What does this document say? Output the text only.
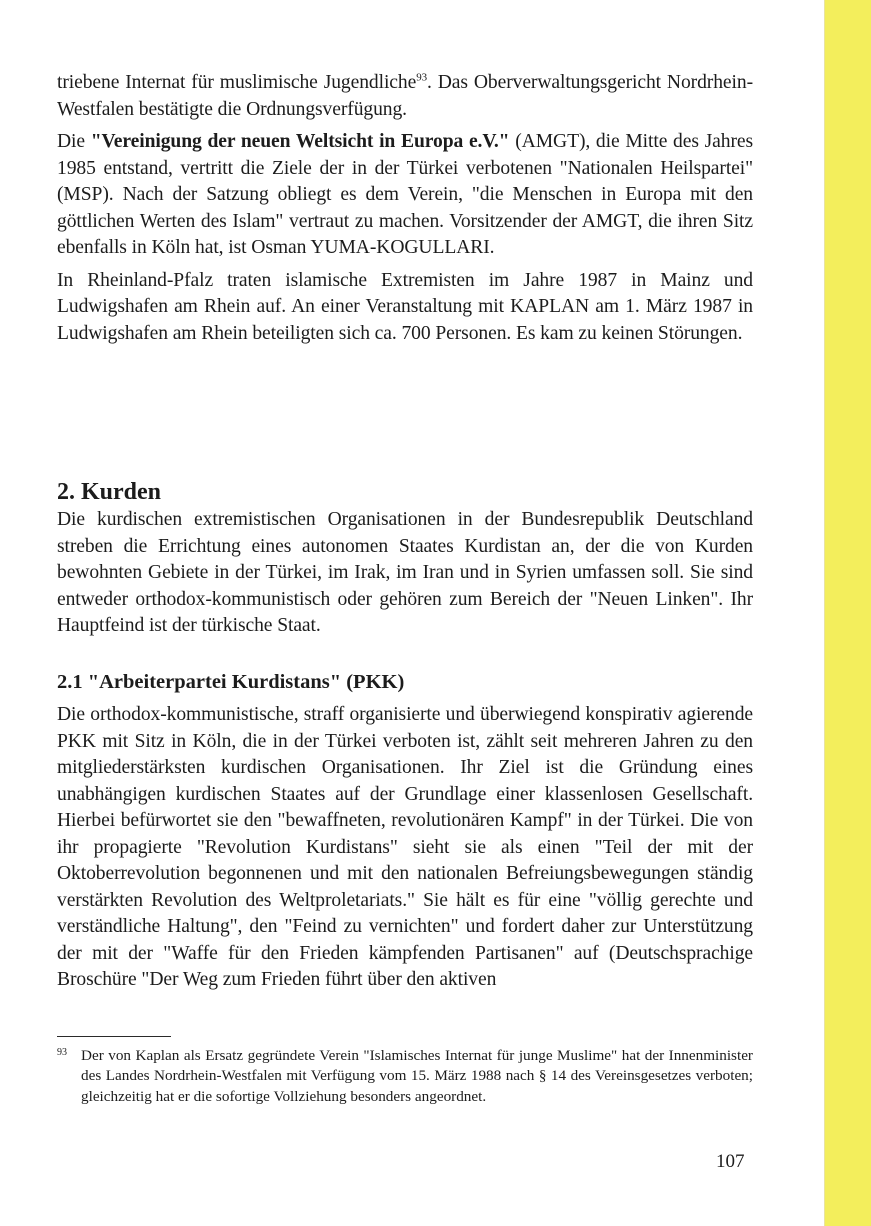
triebene Internat für muslimische Jugendliche$^{93}$. Das Oberverwaltungsgericht Nordrhein-Westfalen bestätigte die Ordnungsverfügung.

Die "Vereinigung der neuen Weltsicht in Europa e.V." (AMGT), die Mitte des Jahres 1985 entstand, vertritt die Ziele der in der Türkei verbotenen "Nationalen Heilspartei" (MSP). Nach der Satzung obliegt es dem Verein, "die Menschen in Europa mit den göttlichen Werten des Islam" vertraut zu machen. Vorsitzender der AMGT, die ihren Sitz ebenfalls in Köln hat, ist Osman YUMA-KOGULLARI.

In Rheinland-Pfalz traten islamische Extremisten im Jahre 1987 in Mainz und Ludwigshafen am Rhein auf. An einer Veranstaltung mit KAPLAN am 1. März 1987 in Ludwigshafen am Rhein beteiligten sich ca. 700 Personen. Es kam zu keinen Störungen.

2. Kurden

Die kurdischen extremistischen Organisationen in der Bundesrepublik Deutschland streben die Errichtung eines autonomen Staates Kurdistan an, der die von Kurden bewohnten Gebiete in der Türkei, im Irak, im Iran und in Syrien umfassen soll. Sie sind entweder orthodox-kommunistisch oder gehören zum Bereich der "Neuen Linken". Ihr Hauptfeind ist der türkische Staat.

2.1 "Arbeiterpartei Kurdistans" (PKK)

Die orthodox-kommunistische, straff organisierte und überwiegend konspirativ agierende PKK mit Sitz in Köln, die in der Türkei verboten ist, zählt seit mehreren Jahren zu den mitgliederstärksten kurdischen Organisationen. Ihr Ziel ist die Gründung eines unabhängigen kurdischen Staates auf der Grundlage einer klassenlosen Gesellschaft. Hierbei befürwortet sie den "bewaffneten, revolutionären Kampf" in der Türkei. Die von ihr propagierte "Revolution Kurdistans" sieht sie als einen "Teil der mit der Oktoberrevolution begonnenen und mit den nationalen Befreiungsbewegungen ständig verstärkten Revolution des Weltproletariats." Sie hält es für eine "völlig gerechte und verständliche Haltung", den "Feind zu vernichten" und fordert daher zur Unterstützung der mit der "Waffe für den Frieden kämpfenden Partisanen" auf (Deutschsprachige Broschüre "Der Weg zum Frieden führt über den aktiven

93 Der von Kaplan als Ersatz gegründete Verein "Islamisches Internat für junge Muslime" hat der Innenminister des Landes Nordrhein-Westfalen mit Verfügung vom 15. März 1988 nach § 14 des Vereinsgesetzes verboten; gleichzeitig hat er die sofortige Vollziehung besonders angeordnet.
107
